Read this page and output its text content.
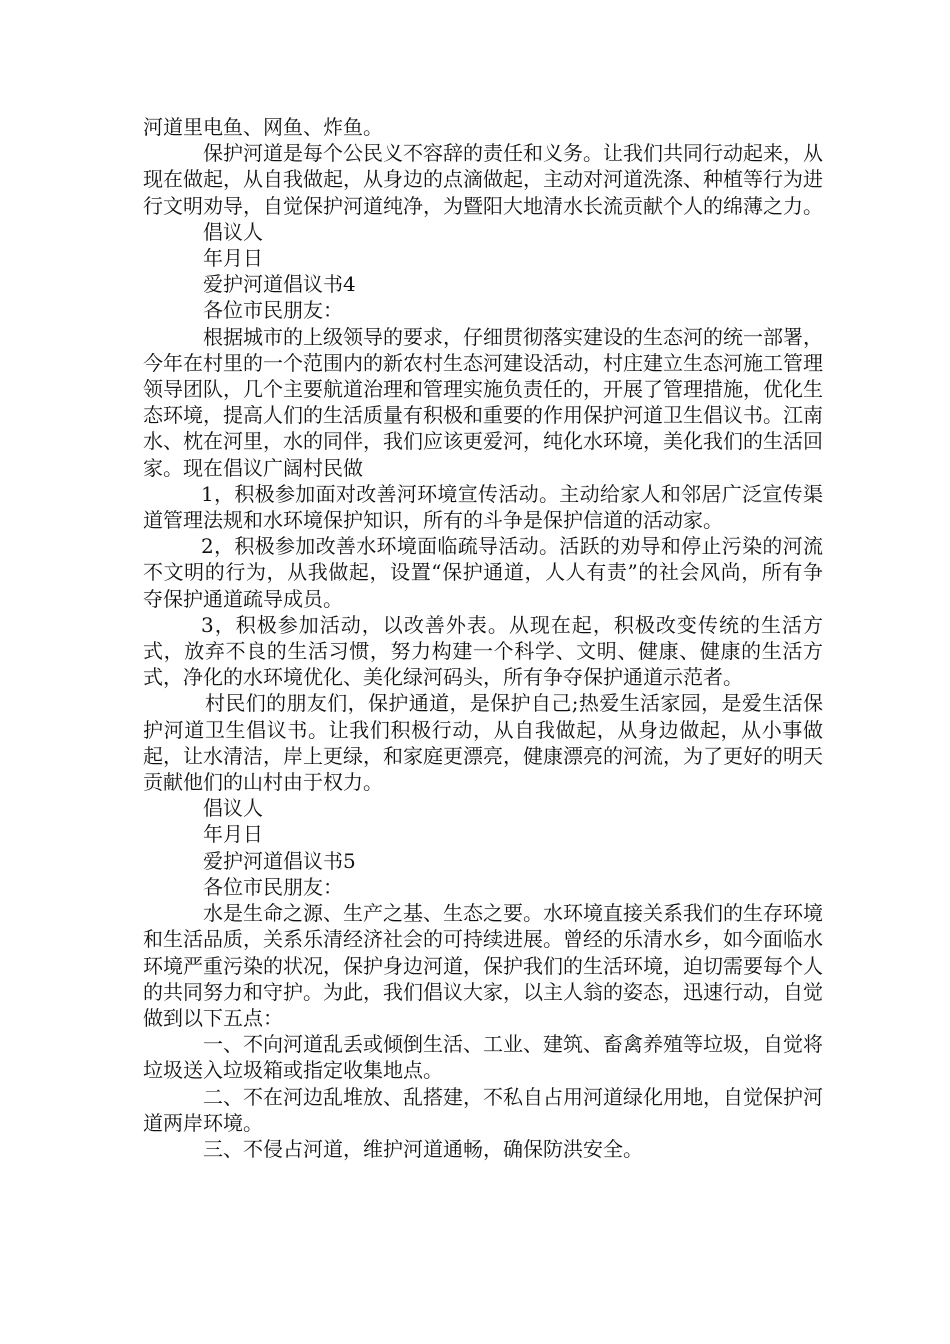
河道里电鱼、网鱼、炸鱼。

保护河道是每个公民义不容辞的责任和义务。让我们共同行动起来，从现在做起，从自我做起，从身边的点滴做起，主动对河道洗涤、种植等行为进行文明劝导，自觉保护河道纯净，为暨阳大地清水长流贡献个人的绵薄之力。

倡议人

年月日

爱护河道倡议书4

各位市民朋友：

根据城市的上级领导的要求，仔细贯彻落实建设的生态河的统一部署，今年在村里的一个范围内的新农村生态河建设活动，村庄建立生态河施工管理领导团队，几个主要航道治理和管理实施负责任的，开展了管理措施，优化生态环境，提高人们的生活质量有积极和重要的作用保护河道卫生倡议书。江南水、枕在河里，水的同伴，我们应该更爱河，纯化水环境，美化我们的生活回家。现在倡议广阔村民做

1，积极参加面对改善河环境宣传活动。主动给家人和邻居广泛宣传渠道管理法规和水环境保护知识，所有的斗争是保护信道的活动家。

2，积极参加改善水环境面临疏导活动。活跃的劝导和停止污染的河流不文明的行为，从我做起，设置“保护通道，人人有责”的社会风尚，所有争夺保护通道疏导成员。

3，积极参加活动，以改善外表。从现在起，积极改变传统的生活方式，放弃不良的生活习惯，努力构建一个科学、文明、健康、健康的生活方式，净化的水环境优化、美化绿河码头，所有争夺保护通道示范者。

村民们的朋友们，保护通道，是保护自己;热爱生活家园，是爱生活保护河道卫生倡议书。让我们积极行动，从自我做起，从身边做起，从小事做起，让水清洁，岸上更绿，和家庭更漂亮，健康漂亮的河流，为了更好的明天贡献他们的山村由于权力。

倡议人

年月日

爱护河道倡议书5

各位市民朋友：

水是生命之源、生产之基、生态之要。水环境直接关系我们的生存环境和生活品质，关系乐清经济社会的可持续进展。曾经的乐清水乡，如今面临水环境严重污染的状况，保护身边河道，保护我们的生活环境，迫切需要每个人的共同努力和守护。为此，我们倡议大家，以主人翁的姿态，迅速行动，自觉做到以下五点：

一、不向河道乱丢或倾倒生活、工业、建筑、畜禽养殖等垃圾，自觉将垃圾送入垃圾箱或指定收集地点。

二、不在河边乱堆放、乱搭建，不私自占用河道绿化用地，自觉保护河道两岸环境。

三、不侵占河道，维护河道通畅，确保防洪安全。
